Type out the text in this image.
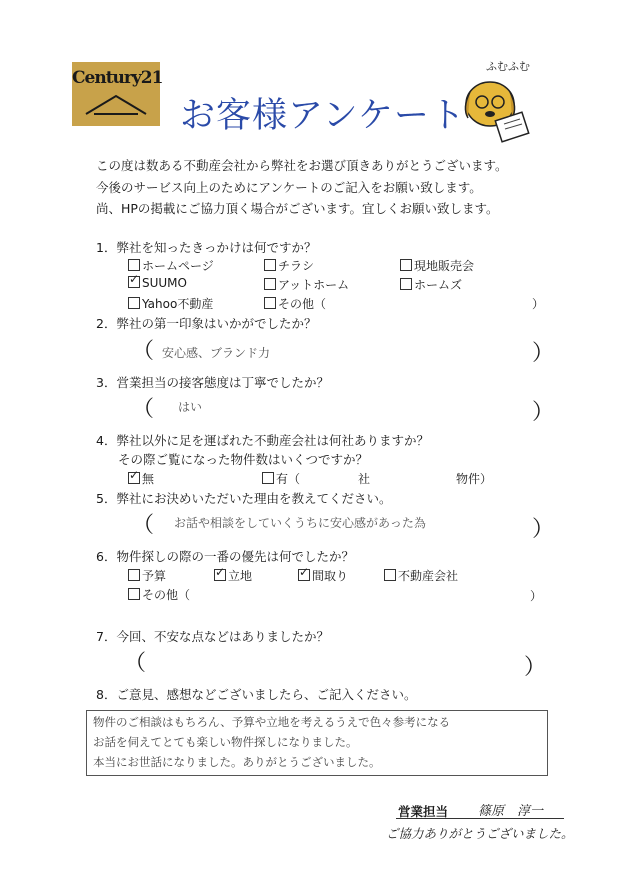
Century21
お客様アンケート
ふむふむ
この度は数ある不動産会社から弊社をお選び頂きありがとうございます。
今後のサービス向上のためにアンケートのご記入をお願い致します。
尚、HPの掲載にご協力頂く場合がございます。宜しくお願い致します。
1．弊社を知ったきっかけは何ですか？
ホームページ	チラシ	現地販売会
✓SUUMO	アットホーム	ホームズ
Yahoo不動産	その他（	）
2．弊社の第一印象はいかがでしたか？
（ 安心感、ブランド力	）
3．営業担当の接客態度は丁寧でしたか？
（ はい	）
4．弊社以外に足を運ばれた不動産会社は何社ありますか？
その際ご覧になった物件数はいくつですか？
✓無	有（	社	物件）
5．弊社にお決めいただいた理由を教えてください。
（ お話や相談をしていくうちに安心感があった為	）
6．物件探しの際の一番の優先は何でしたか？
予算 ✓	立地 ✓	間取り	不動産会社
その他（	）
7．今回、不安な点などはありましたか？
（	）
8．ご意見、感想などございましたら、ご記入ください。
物件のご相談はもちろん、予算や立地を考えるうえで色々参考になる
お話を伺えてとても楽しい物件探しになりました。
本当にお世話になりました。ありがとうございました。
営業担当 篠原　淳一
ご協力ありがとうございました。
